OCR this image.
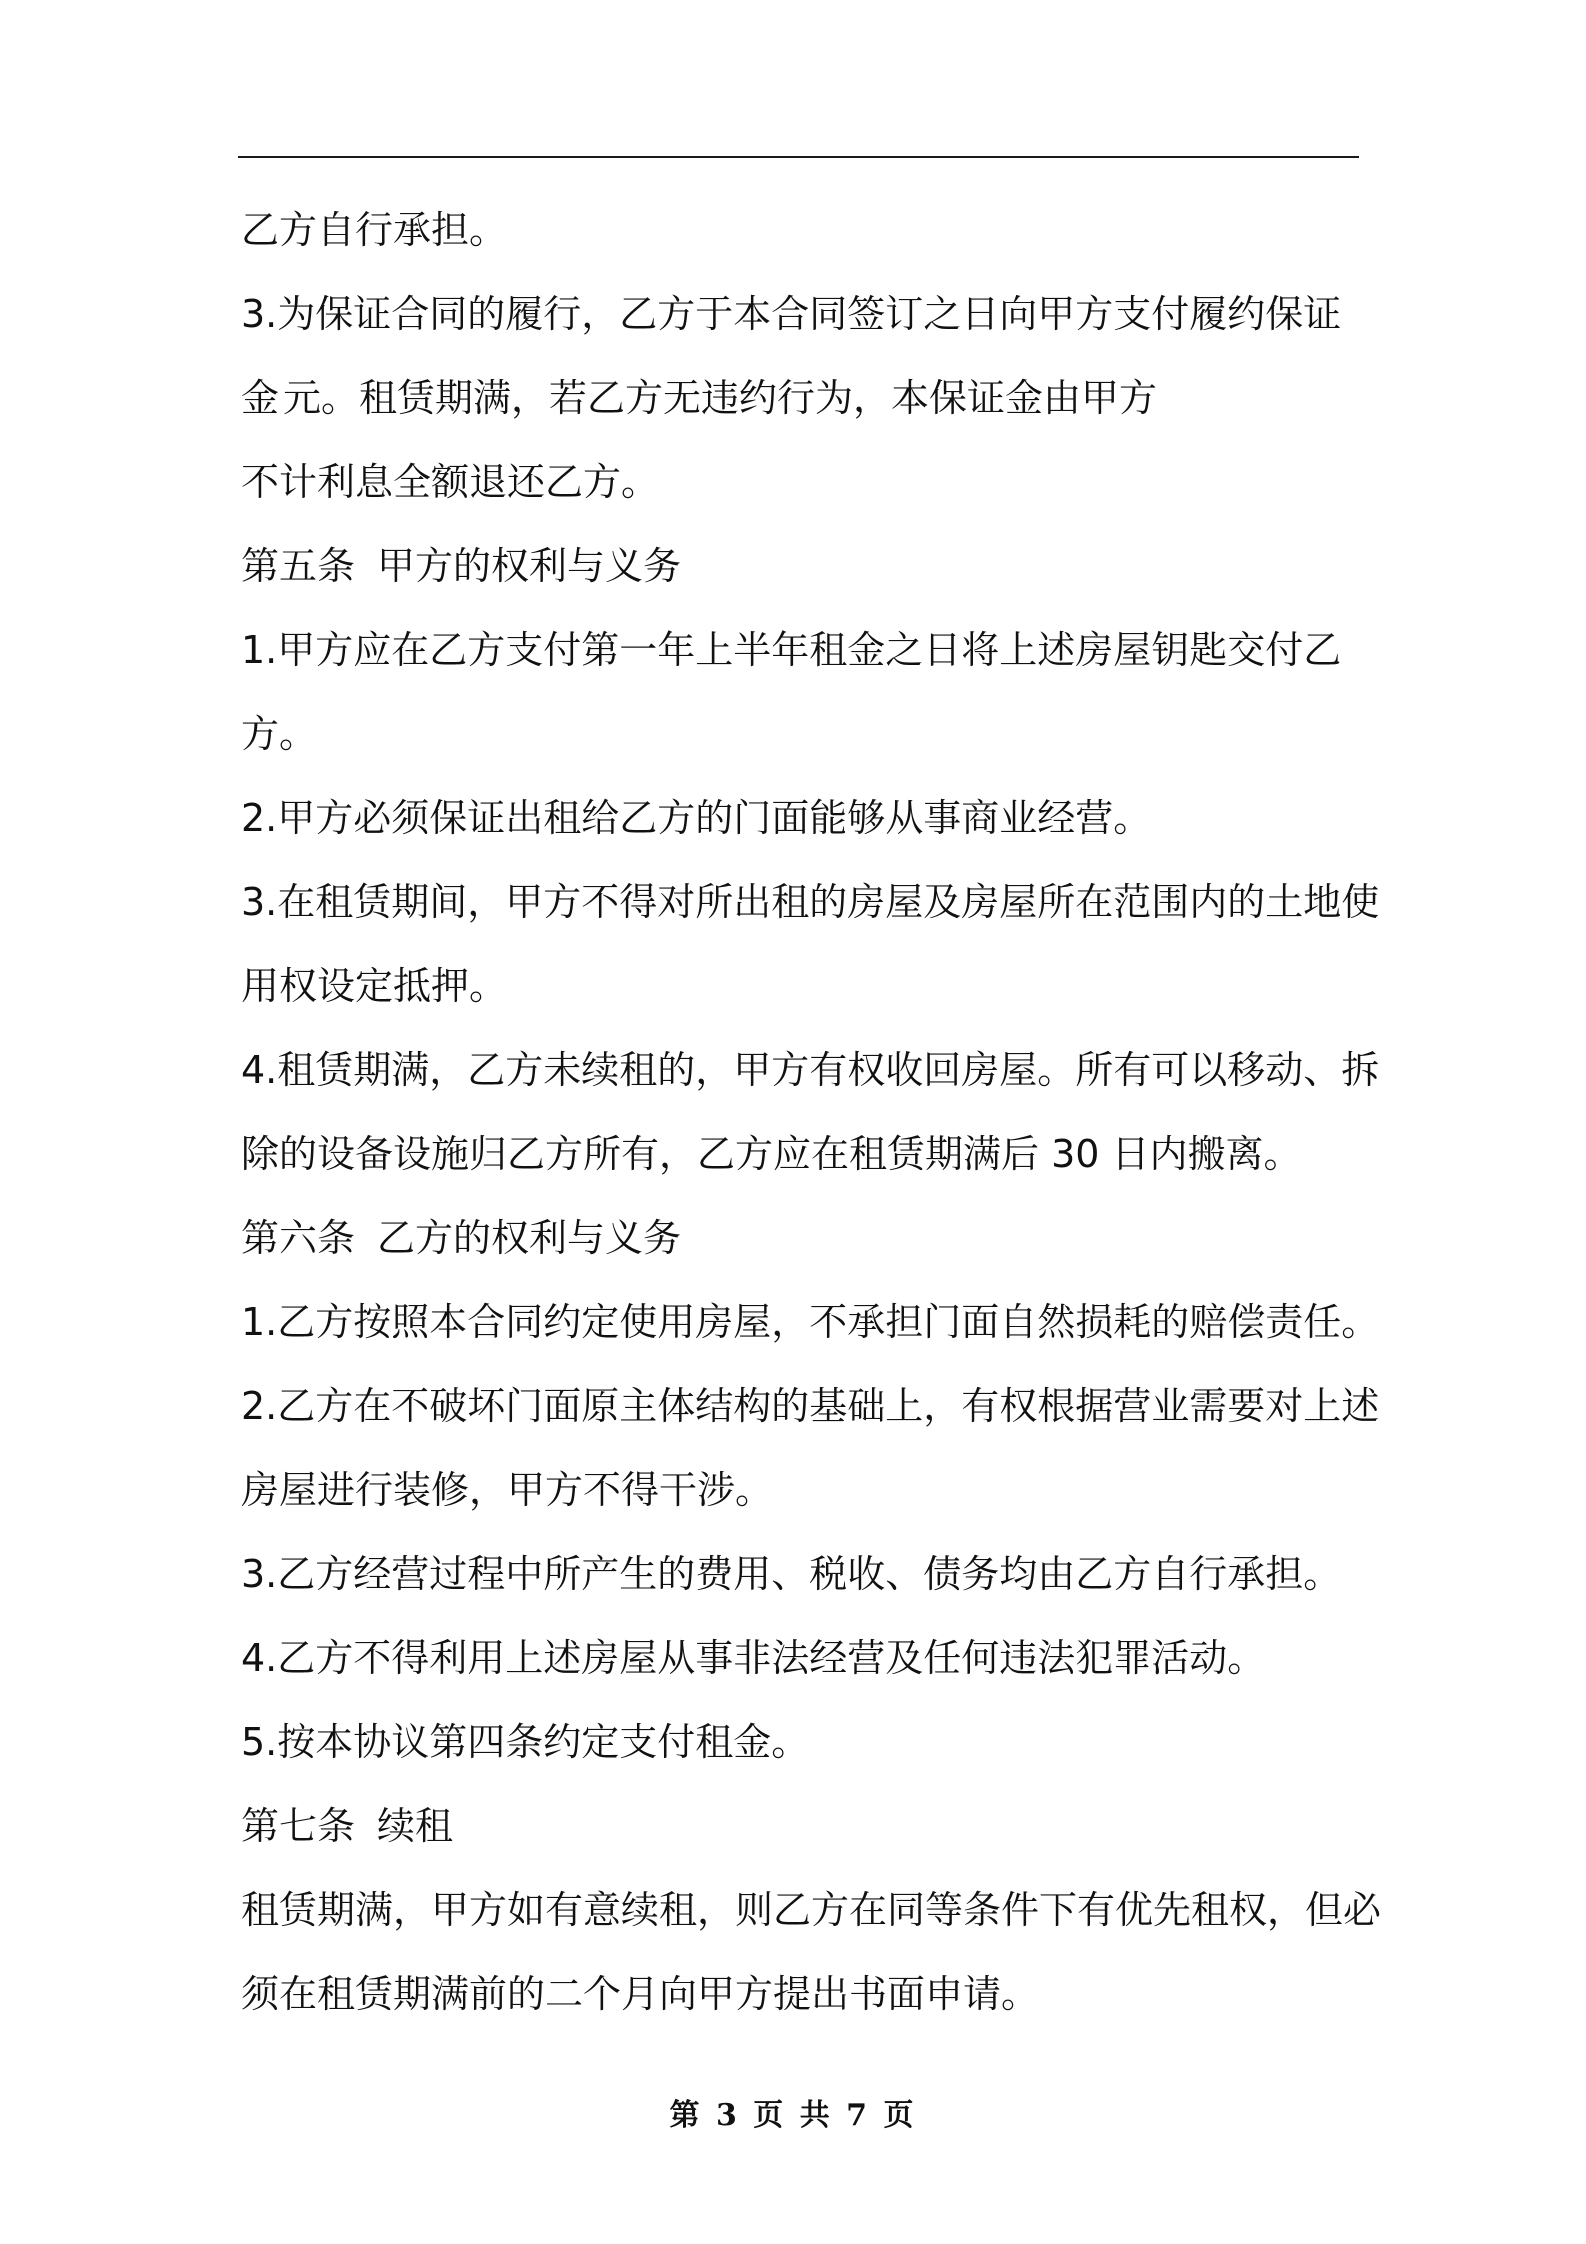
乙方自行承担。
3.为保证合同的履行，乙方于本合同签订之日向甲方支付履约保证
金 元。租赁期满，若乙方无违约行为，本保证金由甲方
不计利息全额退还乙方。
第五条 甲方的权利与义务
1.甲方应在乙方支付第一年上半年租金之日将上述房屋钥匙交付乙
方。
2.甲方必须保证出租给乙方的门面能够从事商业经营。
3.在租赁期间，甲方不得对所出租的房屋及房屋所在范围内的土地使
用权设定抵押。
4.租赁期满，乙方未续租的，甲方有权收回房屋。所有可以移动、拆
除的设备设施归乙方所有，乙方应在租赁期满后 30 日内搬离。
第六条 乙方的权利与义务
1.乙方按照本合同约定使用房屋，不承担门面自然损耗的赔偿责任。
2.乙方在不破坏门面原主体结构的基础上，有权根据营业需要对上述
房屋进行装修，甲方不得干涉。
3.乙方经营过程中所产生的费用、税收、债务均由乙方自行承担。
4.乙方不得利用上述房屋从事非法经营及任何违法犯罪活动。
5.按本协议第四条约定支付租金。
第七条 续租
租赁期满，甲方如有意续租，则乙方在同等条件下有优先租权，但必
须在租赁期满前的二个月向甲方提出书面申请。
第 3 页 共 7 页
